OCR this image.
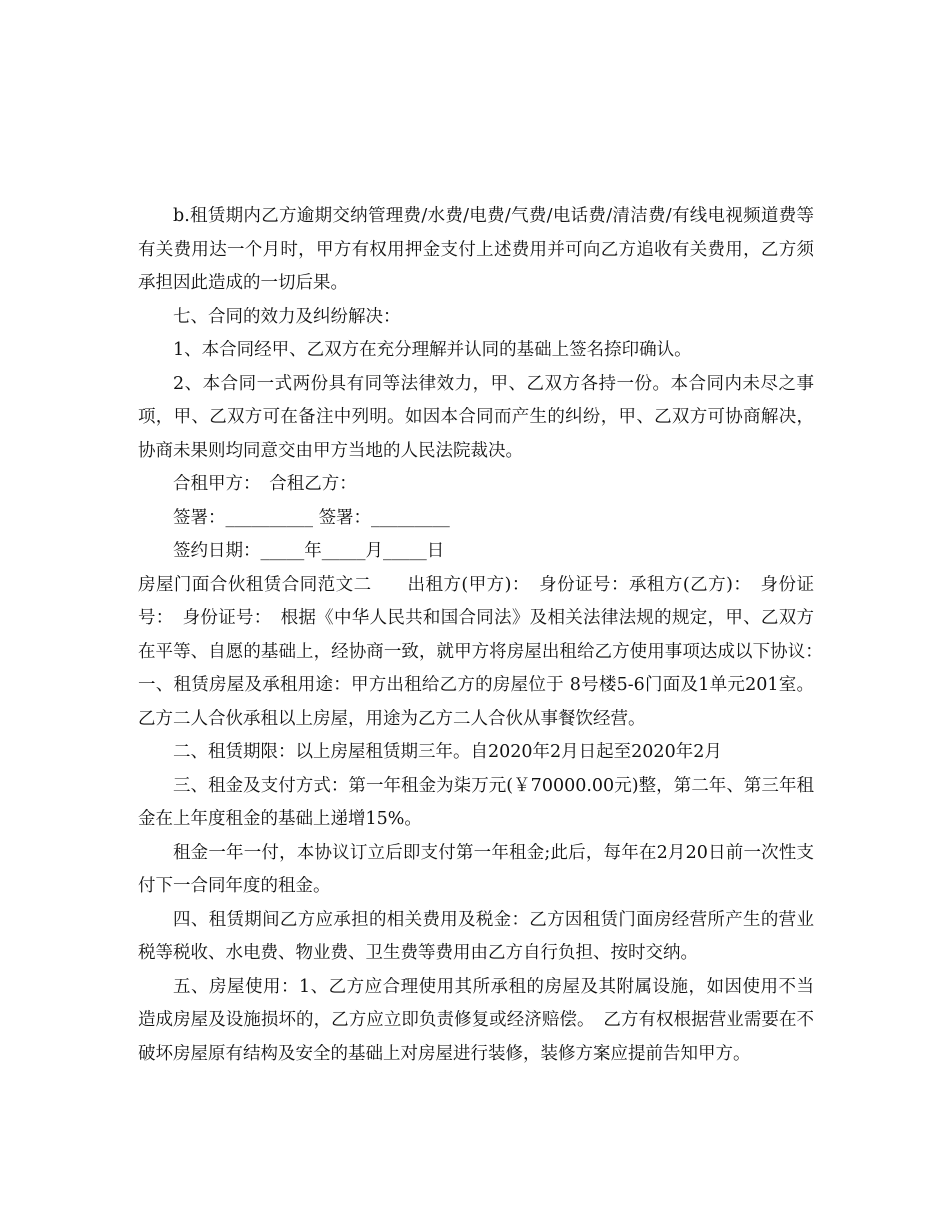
b.租赁期内乙方逾期交纳管理费/水费/电费/气费/电话费/清洁费/有线电视频道费等有关费用达一个月时，甲方有权用押金支付上述费用并可向乙方追收有关费用，乙方须承担因此造成的一切后果。

七、合同的效力及纠纷解决：

1、本合同经甲、乙双方在充分理解并认同的基础上签名捺印确认。

2、本合同一式两份具有同等法律效力，甲、乙双方各持一份。本合同内未尽之事项，甲、乙双方可在备注中列明。如因本合同而产生的纠纷，甲、乙双方可协商解决，协商未果则均同意交由甲方当地的人民法院裁决。

合租甲方：　合租乙方：

签署：__________ 签署：_________

签约日期：_____年_____月_____日

房屋门面合伙租赁合同范文二　　出租方(甲方)：　身份证号：承租方(乙方)：　身份证号：　身份证号：　根据《中华人民共和国合同法》及相关法律法规的规定，甲、乙双方在平等、自愿的基础上，经协商一致，就甲方将房屋出租给乙方使用事项达成以下协议：　一、租赁房屋及承租用途：甲方出租给乙方的房屋位于 8号楼5-6门面及1单元201室。乙方二人合伙承租以上房屋，用途为乙方二人合伙从事餐饮经营。

二、租赁期限：以上房屋租赁期三年。自2020年2月日起至2020年2月

三、租金及支付方式：第一年租金为柒万元(￥70000.00元)整，第二年、第三年租金在上年度租金的基础上递增15%。

租金一年一付，本协议订立后即支付第一年租金;此后，每年在2月20日前一次性支付下一合同年度的租金。

四、租赁期间乙方应承担的相关费用及税金：乙方因租赁门面房经营所产生的营业税等税收、水电费、物业费、卫生费等费用由乙方自行负担、按时交纳。

五、房屋使用：1、乙方应合理使用其所承租的房屋及其附属设施，如因使用不当造成房屋及设施损坏的，乙方应立即负责修复或经济赔偿。　乙方有权根据营业需要在不破坏房屋原有结构及安全的基础上对房屋进行装修，装修方案应提前告知甲方。
